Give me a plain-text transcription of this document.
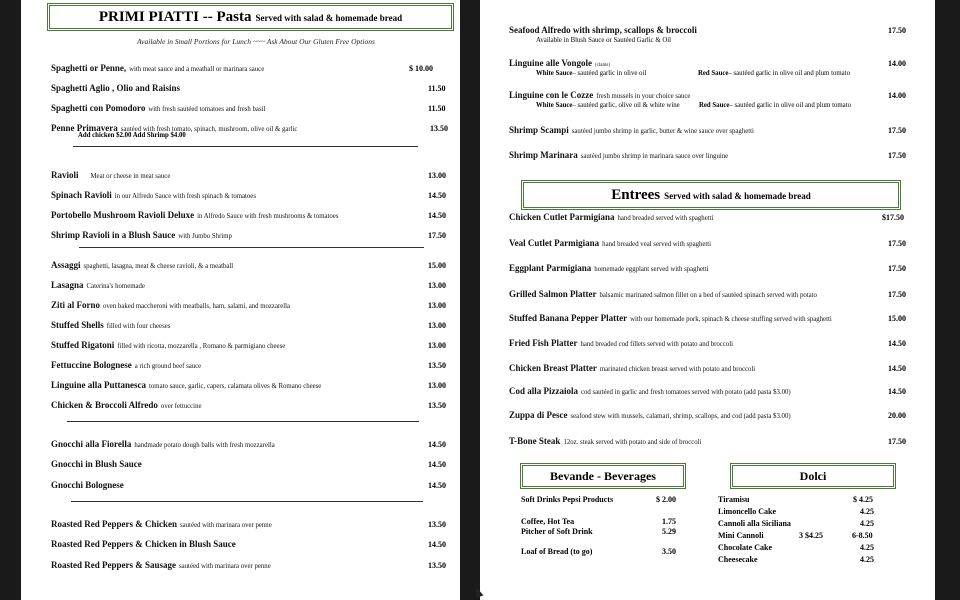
PRIMI PIATTI -- Pasta Served with salad & homemade bread
Available in Small Portions for Lunch ~~~ Ask About Our Gluten Free Options
Spaghetti or Penne, with meat sauce and a meatball or marinara sauce	$ 10.00
Spaghetti Aglio , Olio and Raisins	11.50
Spaghetti con Pomodoro with fresh sautéed tomatoes and fresh basil	11.50
Penne Primavera sautéed with fresh tomato, spinach, mushroom, olive oil & garlic	13.50
Add chicken $2.00 Add Shrimp $4.00
Ravioli Meat or cheese in meat sauce	13.00
Spinach Ravioli in our Alfredo Sauce with fresh spinach & tomatoes	14.50
Portobello Mushroom Ravioli Deluxe in Alfredo Sauce with fresh mushrooms & tomatoes	14.50
Shrimp Ravioli in a Blush Sauce with Jumbo Shrimp	17.50
Assaggi spaghetti, lasagna, meat & cheese ravioli, & a meatball	15.00
Lasagna Caterina's homemade	13.00
Ziti al Forno oven baked maccheroni with meatballs, ham, salami, and mozzarella	13.00
Stuffed Shells filled with four cheeses	13.00
Stuffed Rigatoni filled with ricotta, mozzarella , Romano & parmigiano cheese	13.00
Fettuccine Bolognese a rich ground beef sauce	13.50
Linguine alla Puttanesca tomato sauce, garlic, capers, calamata olives & Romano cheese	13.00
Chicken & Broccoli Alfredo over fettuccine	13.50
Gnocchi alla Fiorella handmade potato dough balls with fresh mozzarella	14.50
Gnocchi in Blush Sauce	14.50
Gnocchi Bolognese	14.50
Roasted Red Peppers & Chicken sautéed with marinara over penne	13.50
Roasted Red Peppers & Chicken in Blush Sauce	14.50
Roasted Red Peppers & Sausage sautéed with marinara over penne	13.50
Seafood Alfredo with shrimp, scallops & broccoli	17.50
Available in Blush Sauce or Sautéed Garlic & Oil
Linguine alle Vongole (clams)	14.00
White Sauce– sautéed garlic in olive oil	Red Sauce– sautéed garlic in olive oil and plum tomato
Linguine con le Cozze fresh mussels in your choice sauce	14.00
White Sauce– sautéed garlic, olive oil & white wine	Red Sauce– sautéed garlic in olive oil and plum tomato
Shrimp Scampi sautéed jumbo shrimp in garlic, butter & wine sauce over spaghetti	17.50
Shrimp Marinara sautéed jumbo shrimp in marinara sauce over linguine	17.50
Entrees Served with salad & homemade bread
Chicken Cutlet Parmigiana hand breaded served with spaghetti	$17.50
Veal Cutlet Parmigiana hand breaded veal served with spaghetti	17.50
Eggplant Parmigiana homemade eggplant served with spaghetti	17.50
Grilled Salmon Platter balsamic marinated salmon fillet on a bed of sautéed spinach served with potato	17.50
Stuffed Banana Pepper Platter with our homemade pork, spinach & cheese stuffing served with spaghetti	15.00
Fried Fish Platter hand breaded cod fillets served with potato and broccoli	14.50
Chicken Breast Platter marinated chicken breast served with potato and broccoli	14.50
Cod alla Pizzaiola cod sautéed in garlic and fresh tomatoes served with potato (add pasta $3.00)	14.50
Zuppa di Pesce seafood stew with mussels, calamari, shrimp, scallops, and cod (add pasta $3.00)	20.00
T-Bone Steak 12oz. steak served with potato and side of broccoli	17.50
Bevande - Beverages
Soft Drinks Pepsi Products	$ 2.00
Coffee, Hot Tea	1.75
Pitcher of Soft Drink	5.29
Loaf of Bread (to go)	3.50
Dolci
Tiramisu	$ 4.25
Limoncello Cake	4.25
Cannoli alla Siciliana	4.25
Mini Cannoli	3 $4.25	6-8.50
Chocolate Cake	4.25
Cheesecake	4.25
